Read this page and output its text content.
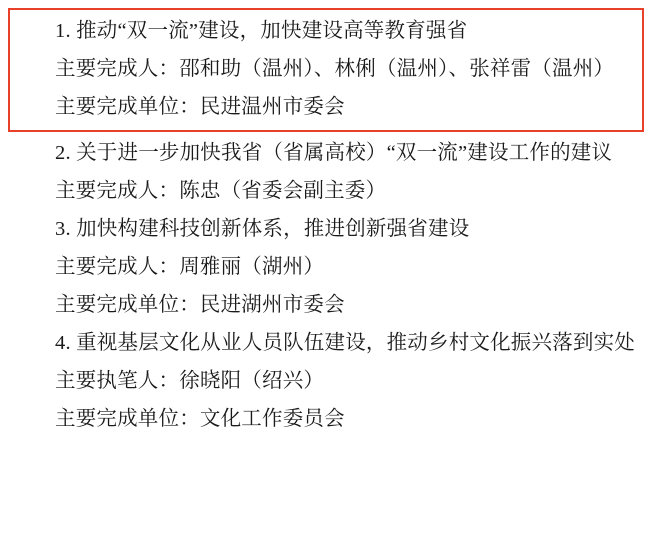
1. 推动“双一流”建设，加快建设高等教育强省
主要完成人：邵和助（温州）、林俐（温州）、张祥雷（温州）
主要完成单位：民进温州市委会
2. 关于进一步加快我省（省属高校）“双一流”建设工作的建议
主要完成人：陈忠（省委会副主委）
3. 加快构建科技创新体系，推进创新强省建设
主要完成人：周雅丽（湖州）
主要完成单位：民进湖州市委会
4. 重视基层文化从业人员队伍建设，推动乡村文化振兴落到实处
主要执笔人：徐晓阳（绍兴）
主要完成单位：文化工作委员会
